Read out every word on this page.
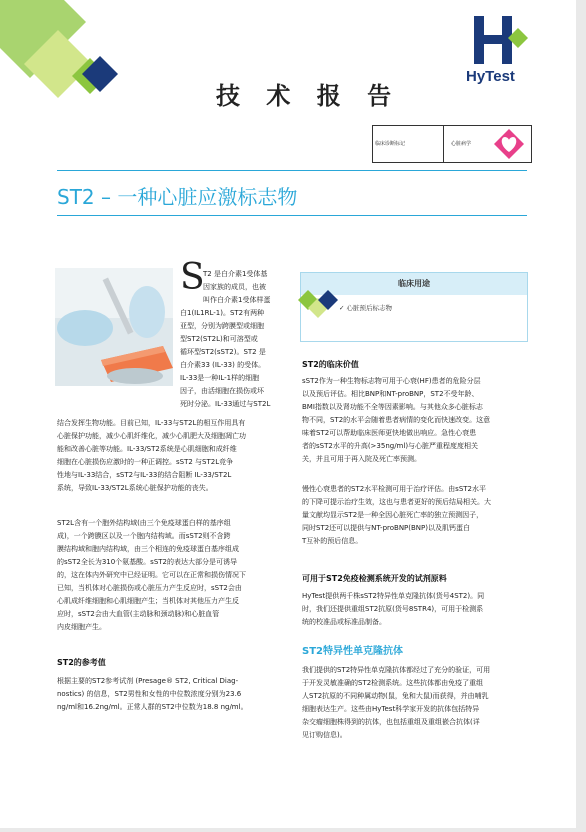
HyTest
技 术 报 告
临床诊断标记	心脏病学
ST2 – 一种心脏应激标志物
S
T2 是白介素1受体基
因家族的成员，也被
叫作白介素1受体样蛋
白1(IL1RL-1)。ST2有两种
亚型，分别为跨膜型或细胞
型ST2(ST2L)和可溶型或
循环型ST2(sST2)。ST2 是
白介素33 (IL-33) 的受体。
IL-33是一种IL-1样的细胞
因子，由活细胞在损伤或坏
死时分泌。IL-33通过与ST2L
结合发挥生物功能。目前已知，IL-33与ST2L的相互作用具有
心脏保护功能，减少心肌纤维化，减少心肌肥大及细胞凋亡功
能和改善心脏等功能。IL-33/ST2系统是心肌细胞和成纤维
细胞在心脏损伤应激时的一种正调控。sST2 与ST2L竞争
性地与IL-33结合，sST2与IL-33的结合阻断 IL-33/ST2L
系统，导致IL-33/ST2L系统心脏保护功能的丧失。
ST2L含有一个胞外结构域(由三个免疫球蛋白样的基序组
成)，一个跨膜区以及一个胞内结构域。而sST2则不含跨
膜结构域和胞内结构域，由三个相连的免疫球蛋白基序组成
的sST2全长为310个氨基酸。sST2的表达大部分是可诱导
的，这在体内外研究中已经证明。它可以在正常和损伤情况下
已知，当机体对心脏损伤或心脏压力产生反应时，sST2会由
心肌成纤维细胞和心肌细胞产生；当机体对其他压力产生反
应时，sST2会由大血管(主动脉和颈动脉)和心脏血管
内皮细胞产生。
ST2的参考值
根据主要的ST2参考试剂 (Presage® ST2, Critical Diag-
nostics) 的信息，ST2男性和女性的中位数浓度分别为23.6
ng/ml和16.2ng/ml。正常人群的ST2中位数为18.8 ng/ml。
临床用途
✓ 心脏预后标志物
ST2的临床价值
sST2作为一种生物标志物可用于心衰(HF)患者的危险分层
以及预后评估。相比BNP和NT-proBNP，ST2不受年龄、
BMI指数以及肾功能不全等因素影响。与其他众多心脏标志
物不同，ST2的水平会随着患者病情的变化而快速改变。这意
味着ST2可以帮助临床医师更快地做出响应。急性心衰患
者的sST2水平的升高(>35ng/ml)与心脏严重程度度相关
关，并且可用于再入院及死亡率预测。
慢性心衰患者的ST2水平检测可用于治疗评估。由sST2水平
的下降可提示治疗生效，这也与患者更好的预后结局相关。大
量文献均显示ST2是一种全因心脏死亡率的独立预测因子，
同时ST2还可以提供与NT-proBNP(BNP)以及肌钙蛋白
T互补的预后信息。
可用于ST2免疫检测系统开发的试剂原料
HyTest提供两千株sST2特异性单克隆抗体(货号4ST2)。同
时，我们还提供重组ST2抗原(货号8STR4)，可用于检测系
统的校准品或标准品制备。
ST2特异性单克隆抗体
我们提供的ST2特异性单克隆抗体都经过了充分的验证，可用
于开发灵敏准确的ST2检测系统。这些抗体都由免疫了重组
人ST2抗原的不同种属动物(鼠，兔和大鼠)而获得，并由哺乳
细胞表达生产。这些由HyTest科学家开发的抗体包括特异
杂交瘤细胞株得到的抗体，也包括重组及重组嵌合抗体(详
见订购信息)。
